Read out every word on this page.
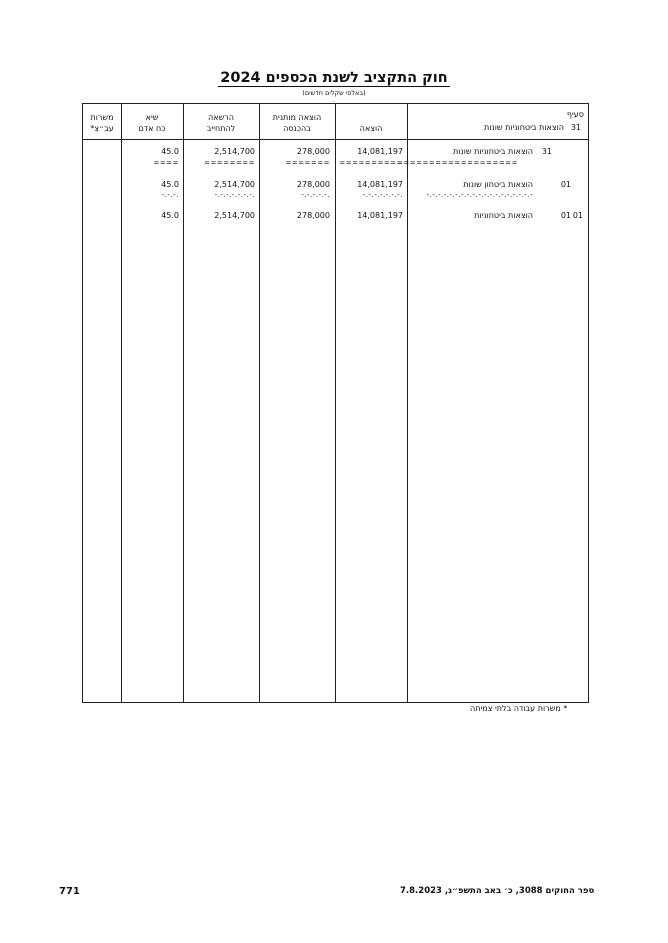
חוק התקציב לשנת הכספים 2024
(באלפי שקלים חדשים)
.
משרות
עב״צ*
שיא
כח אדם
הרשאה
להתחייב
הוצאה מותנית
בהכנסה	הוצאה
סעיף
31
הוצאות ביטחוניות שונות
31
הוצאות ביטחוניות שונות
14,081,197
278,000
2,514,700
45.0
===================
==========
=======
========
====
01
הוצאות ביטחון שונות
14,081,197
278,000
2,514,700
45.0
-.-.-.-.-.-.-.-.-.-.-.-.-.-.-.-.-.-.-
-.-.-.-.-.-.-.
-.-.-.-.-.
-.-.-.-.-.-.-.
-.-.-.
01
01
הוצאות ביטחוניות
14,081,197
278,000
2,514,700
45.0
* משרות עבודה בלתי צמיתה
771	ספר החוקים 3088, כ׳ באב התשפ״ג, 7.8.2023
